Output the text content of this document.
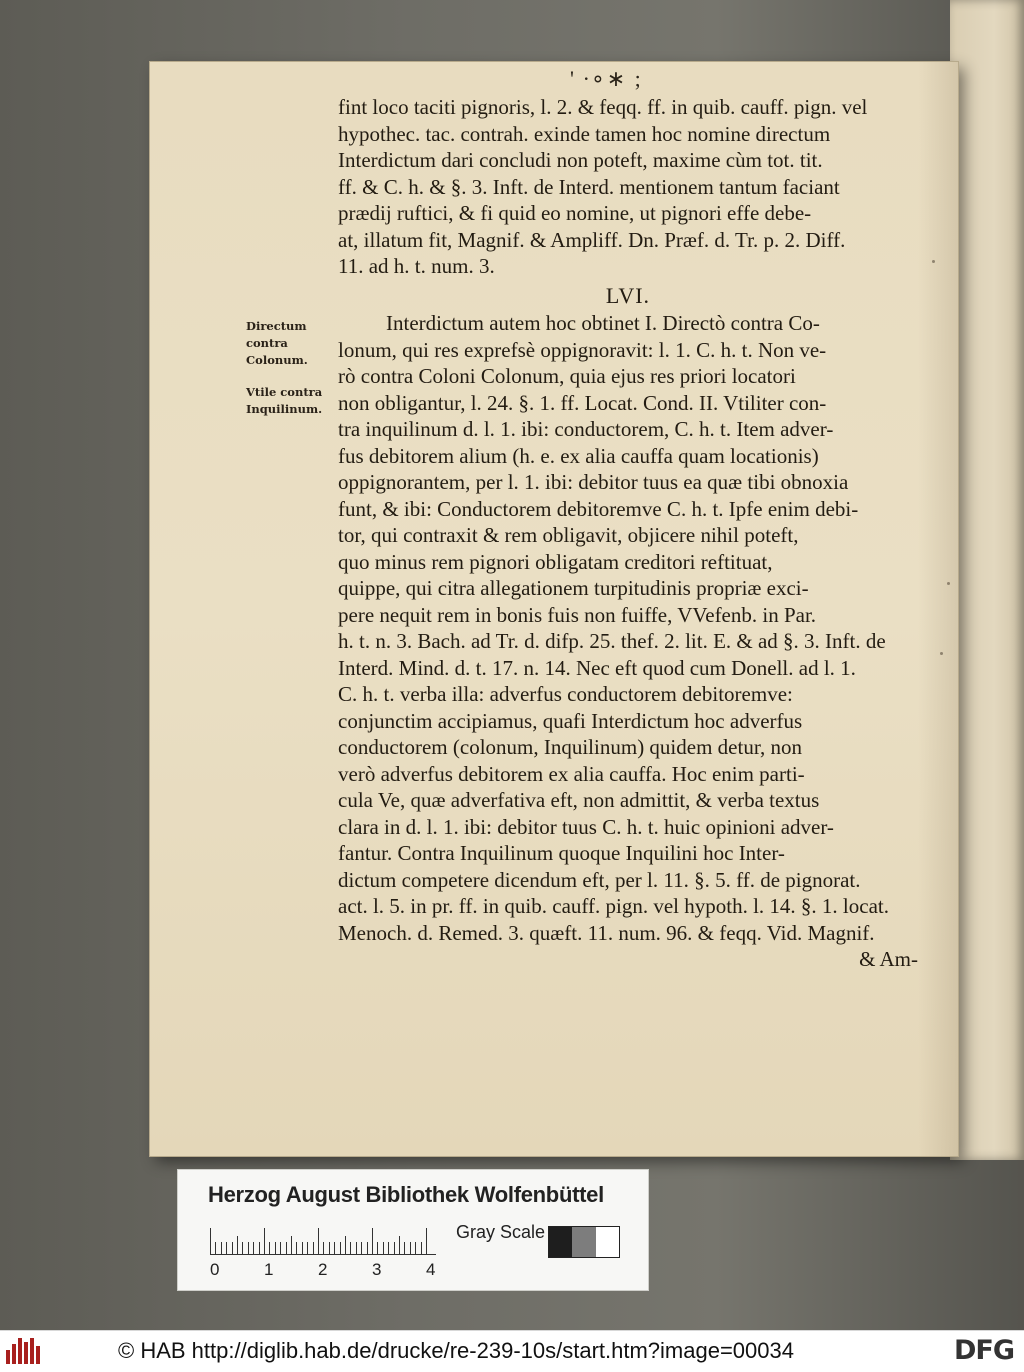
' ∙∘∗ ;
Directum contra Colonum.
Vtile contra Inquilinum.
fint loco taciti pignoris, l. 2. & feqq. ff. in quib. cauff. pign. vel
hypothec. tac. contrah. exinde tamen hoc nomine directum
Interdictum dari concludi non poteft, maxime cùm tot. tit.
ff. & C. h. & §. 3. Inft. de Interd. mentionem tantum faciant
prædij ruftici, & fi quid eo nomine, ut pignori effe debe-
at, illatum fit, Magnif. & Ampliff. Dn. Præf. d. Tr. p. 2. Diff.
11. ad h. t. num. 3.
LVI.
Interdictum autem hoc obtinet I. Directò contra Co-
lonum, qui res exprefsè oppignoravit: l. 1. C. h. t. Non ve-
rò contra Coloni Colonum, quia ejus res priori locatori
non obligantur, l. 24. §. 1. ff. Locat. Cond. II. Vtiliter con-
tra inquilinum d. l. 1. ibi: conductorem, C. h. t. Item adver-
fus debitorem alium (h. e. ex alia cauffa quam locationis)
oppignorantem, per l. 1. ibi: debitor tuus ea quæ tibi obnoxia
funt, & ibi: Conductorem debitoremve C. h. t. Ipfe enim debi-
tor, qui contraxit & rem obligavit, objicere nihil poteft,
quo minus rem pignori obligatam creditori reftituat,
quippe, qui citra allegationem turpitudinis propriæ exci-
pere nequit rem in bonis fuis non fuiffe, VVefenb. in Par.
h. t. n. 3. Bach. ad Tr. d. difp. 25. thef. 2. lit. E. & ad §. 3. Inft. de
Interd. Mind. d. t. 17. n. 14. Nec eft quod cum Donell. ad l. 1.
C. h. t. verba illa: adverfus conductorem debitoremve:
conjunctim accipiamus, quafi Interdictum hoc adverfus
conductorem (colonum, Inquilinum) quidem detur, non
verò adverfus debitorem ex alia cauffa. Hoc enim parti-
cula Ve, quæ adverfativa eft, non admittit, & verba textus
clara in d. l. 1. ibi: debitor tuus C. h. t. huic opinioni adver-
fantur. Contra Inquilinum quoque Inquilini hoc Inter-
dictum competere dicendum eft, per l. 11. §. 5. ff. de pignorat.
act. l. 5. in pr. ff. in quib. cauff. pign. vel hypoth. l. 14. §. 1. locat.
Menoch. d. Remed. 3. quæft. 11. num. 96. & feqq. Vid. Magnif.
& Am-
Herzog August Bibliothek Wolfenbüttel
0	1	2	3	4
Gray Scale
© HAB http://diglib.hab.de/drucke/re-239-10s/start.htm?image=00034	DFG
